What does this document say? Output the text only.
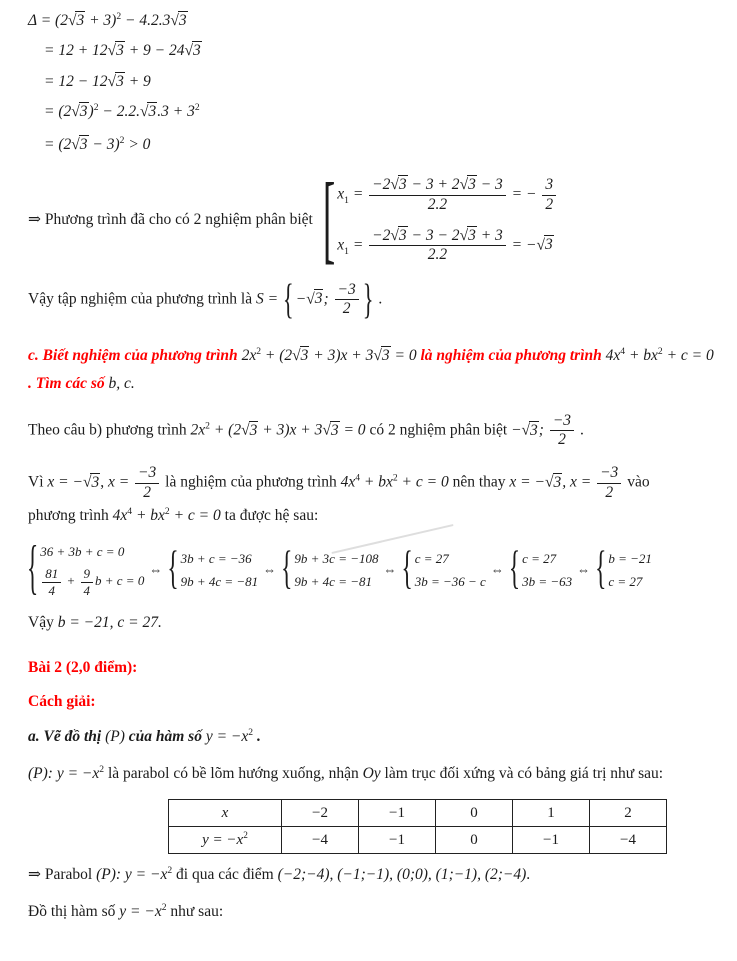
$\Delta = (2√3 + 3)^2 - 4.2.3√3$
= 12 + 12√3 + 9 − 24√3
= 12 − 12√3 + 9
= $(2√3)^2 - 2.2.√3.3 + 3^2$
= $(2√3 - 3)^2 > 0$
⇒ Phương trình đã cho có 2 nghiệm phân biệt [ $x_1 = \frac{-2√3 - 3 + 2√3 - 3}{2.2}$ = − $\frac{3}{2}$
$x_1 = \frac{-2√3 - 3 - 2√3 + 3}{2.2} = -√3$
Vậy tập nghiệm của phương trình là S = { −√3; $\frac{-3}{2}$ } .
c. Biết nghiệm của phương trình $2x^2 + (2√3 + 3)x + 3√3 = 0$ là nghiệm của phương trình $4x^4 + bx^2 + c = 0$
. Tìm các số b, c.
Theo câu b) phương trình $2x^2 + (2√3 + 3)x + 3√3 = 0$ có 2 nghiệm phân biệt −√3; $\frac{-3}{2}$ .
Vì x = −√3, $x = \frac{-3}{2}$ là nghiệm của phương trình $4x^4 + bx^2 + c = 0$ nên thay x = −√3, $x = \frac{-3}{2}$ vào phương trình $4x^4 + bx^2 + c = 0$ ta được hệ sau:
{ 36 + 3b + c = 0
$\frac{81}{4} + \frac{9}{4}$ b + c = 0
⇔ { 3b + c = −36
9b + 4c = −81
⇔ { 9b + 3c = −108
9b + 4c = −81
⇔ { c = 27
3b = −36 − c
⇔ { c = 27
3b = −63
⇔ { b = −21
c = 27
Vậy b = −21, c = 27.
Bài 2 (2,0 điểm):
Cách giải:
a. Vẽ đồ thị (P) của hàm số $y = -x^2$ .
(P): $y = -x^2$ là parabol có bề lõm hướng xuống, nhận Oy làm trục đối xứng và có bảng giá trị như sau:
x	−2	−1	0	1	2
$y = -x^2$	−4	−1	0	−1	−4
⇒ Parabol (P): $y = -x^2$ đi qua các điểm (−2;−4), (−1;−1), (0;0), (1;−1), (2;−4).
Đồ thị hàm số $y = -x^2$ như sau:
